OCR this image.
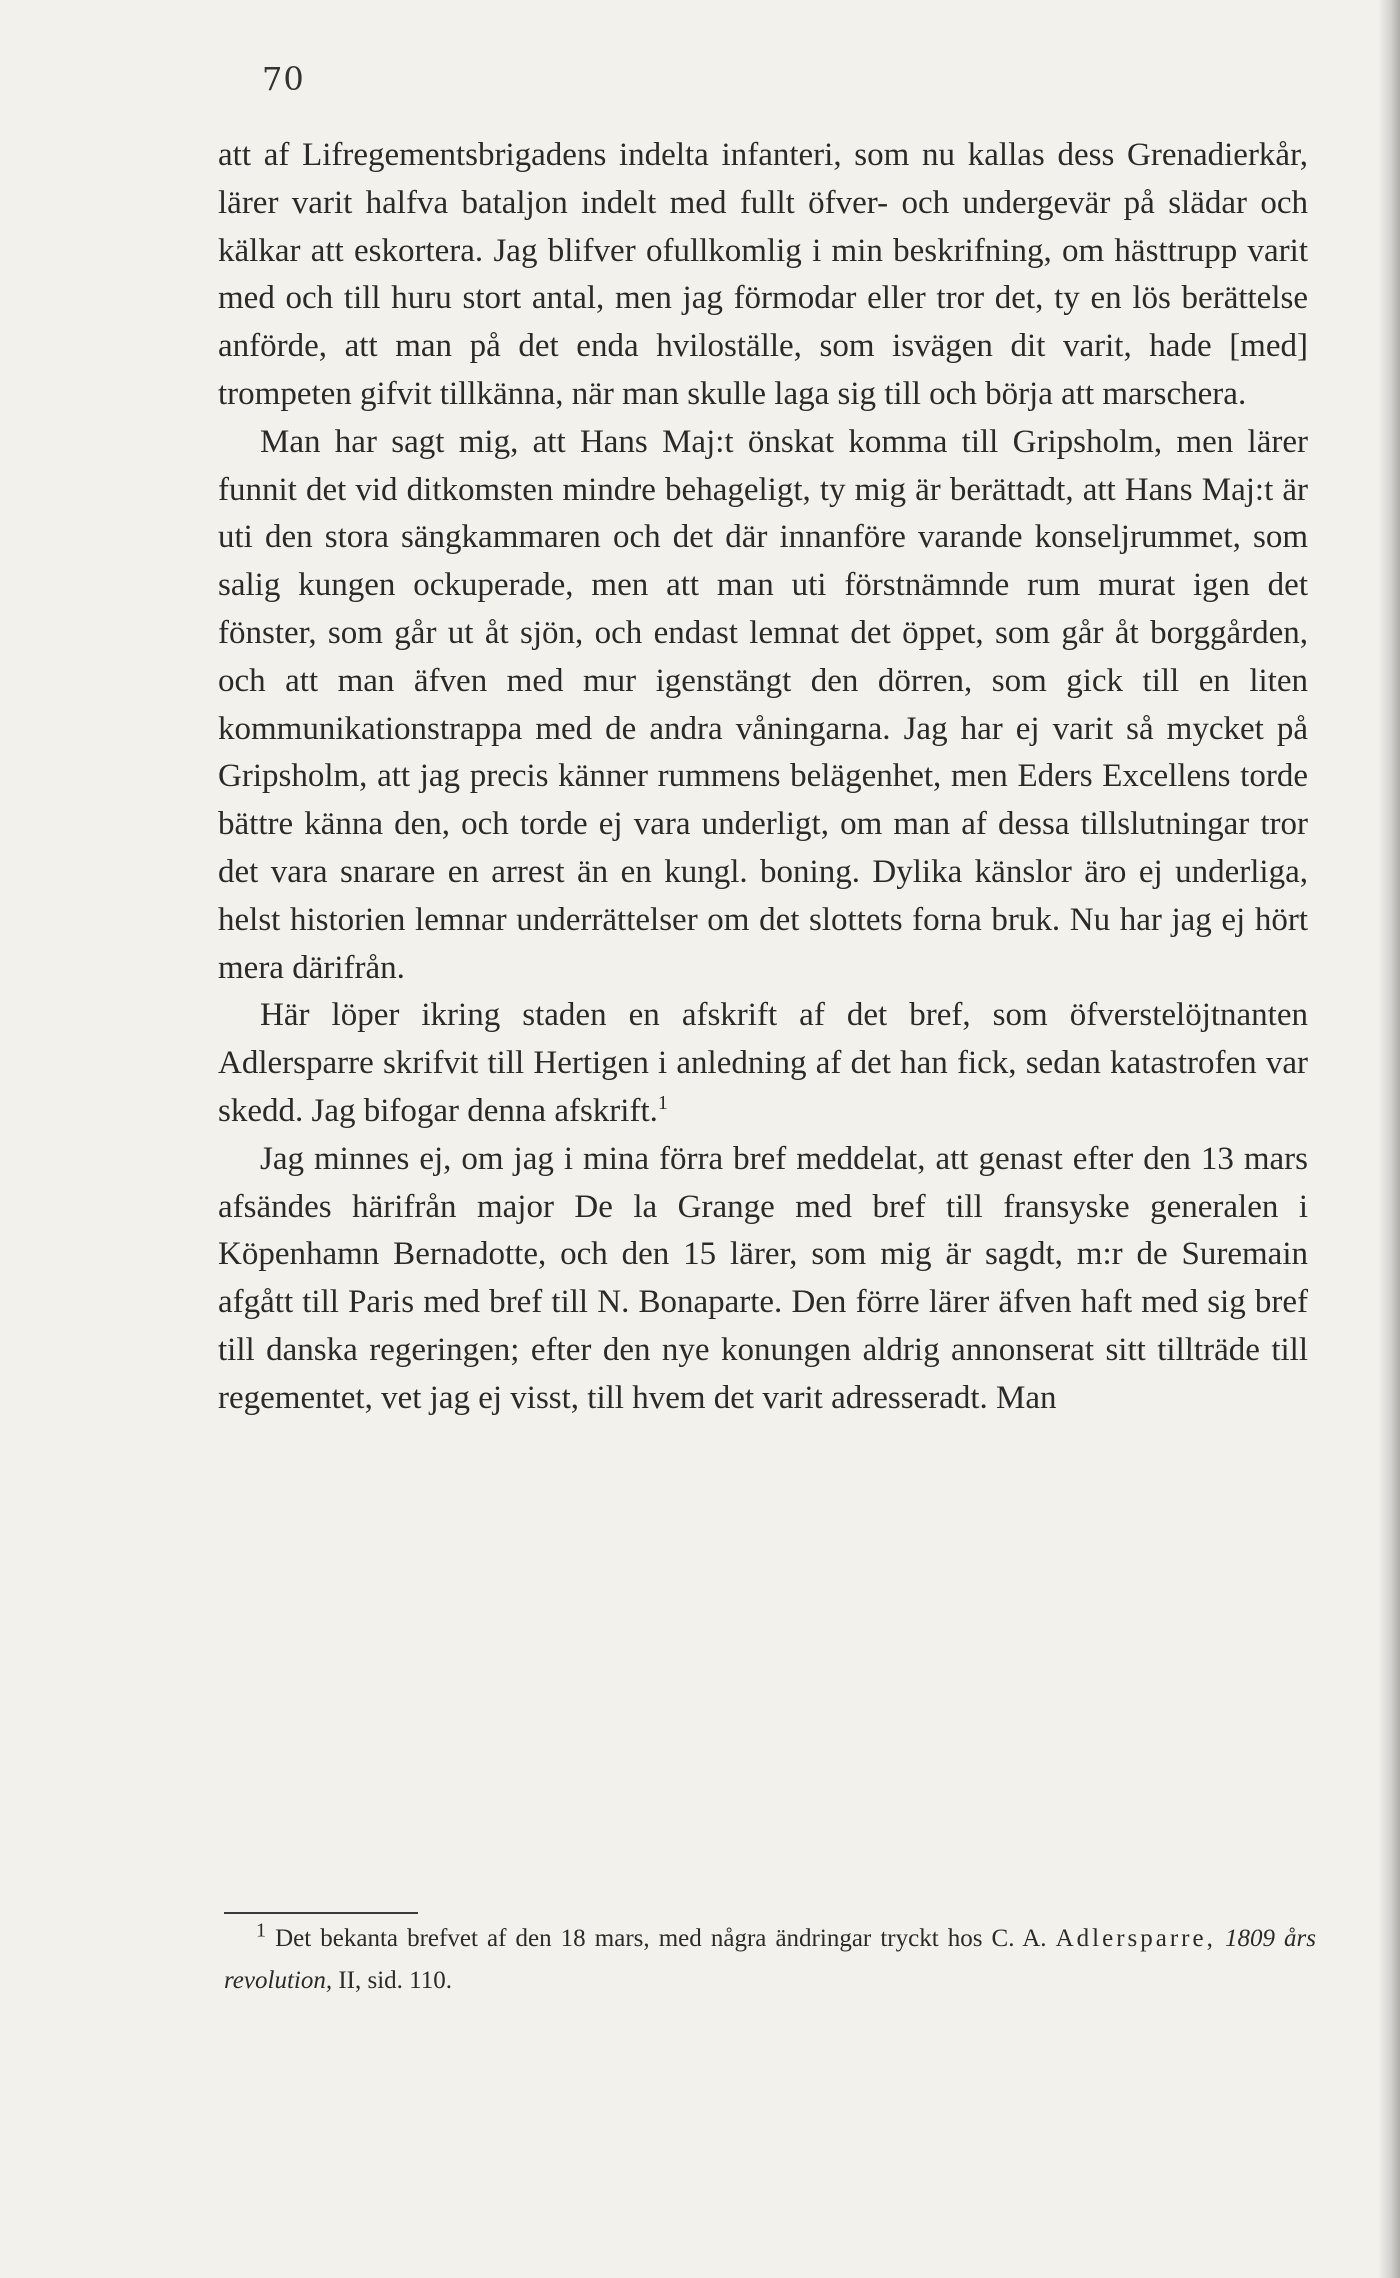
70

att af Lifregementsbrigadens indelta infanteri, som nu kallas dess Grenadierkår, lärer varit halfva bataljon indelt med fullt öfver- och undergevär på slädar och kälkar att eskortera. Jag blifver ofullkomlig i min beskrifning, om hästtrupp varit med och till huru stort antal, men jag förmodar eller tror det, ty en lös berättelse anförde, att man på det enda hviloställe, som isvägen dit varit, hade [med] trompeten gifvit tillkänna, när man skulle laga sig till och börja att marschera.

Man har sagt mig, att Hans Maj:t önskat komma till Gripsholm, men lärer funnit det vid ditkomsten mindre behageligt, ty mig är berättadt, att Hans Maj:t är uti den stora sängkammaren och det där innanföre varande konseljrummet, som salig kungen ockuperade, men att man uti förstnämnde rum murat igen det fönster, som går ut åt sjön, och endast lemnat det öppet, som går åt borggården, och att man äfven med mur igenstängt den dörren, som gick till en liten kommunikationstrappa med de andra våningarna. Jag har ej varit så mycket på Gripsholm, att jag precis känner rummens belägenhet, men Eders Excellens torde bättre känna den, och torde ej vara underligt, om man af dessa tillslutningar tror det vara snarare en arrest än en kungl. boning. Dylika känslor äro ej underliga, helst historien lemnar underrättelser om det slottets forna bruk. Nu har jag ej hört mera därifrån.

Här löper ikring staden en afskrift af det bref, som öfverstelöjtnanten Adlersparre skrifvit till Hertigen i anledning af det han fick, sedan katastrofen var skedd. Jag bifogar denna afskrift.$^1$

Jag minnes ej, om jag i mina förra bref meddelat, att genast efter den 13 mars afsändes härifrån major De la Grange med bref till fransyske generalen i Köpenhamn Bernadotte, och den 15 lärer, som mig är sagdt, m:r de Suremain afgått till Paris med bref till N. Bonaparte. Den förre lärer äfven haft med sig bref till danska regeringen; efter den nye konungen aldrig annonserat sitt tillträde till regementet, vet jag ej visst, till hvem det varit adresseradt. Man

$^1$ Det bekanta brefvet af den 18 mars, med några ändringar tryckt hos C. A. Adlersparre, 1809 års revolution, II, sid. 110.
